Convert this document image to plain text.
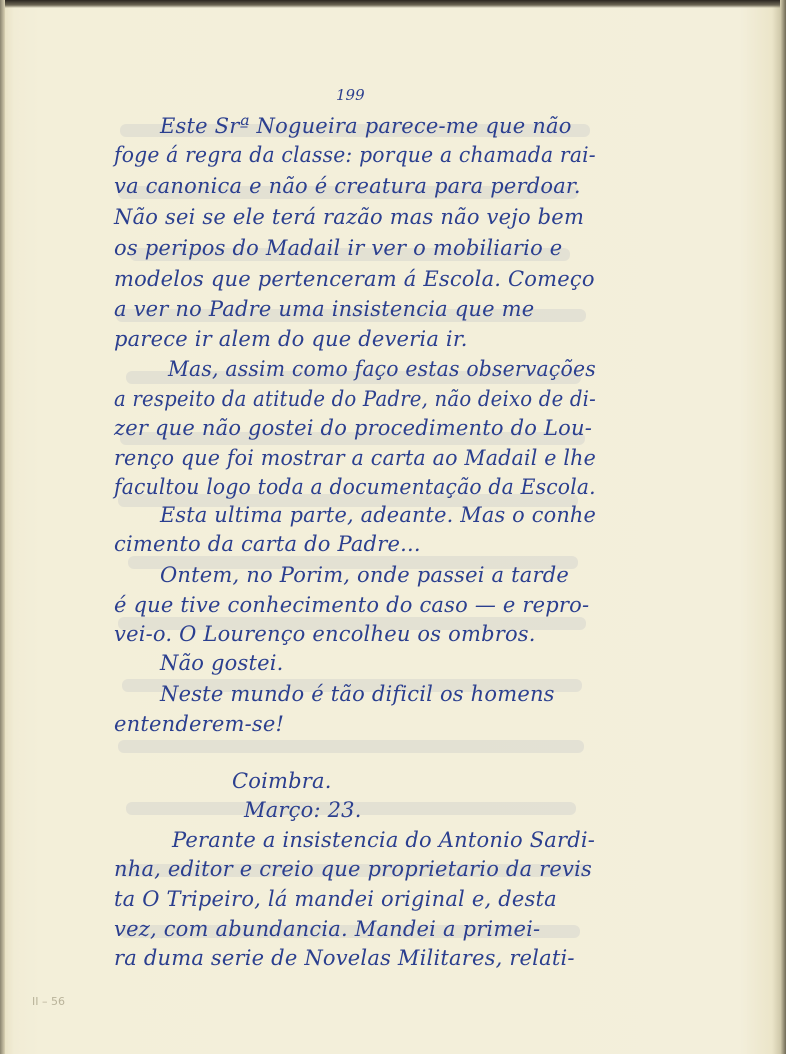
199
Este Srª Nogueira parece-me que não
foge á regra da classe: porque a chamada rai-
va canonica e não é creatura para perdoar.
Não sei se ele terá razão mas não vejo bem
os peripos do Madail ir ver o mobiliario e
modelos que pertenceram á Escola. Começo
a ver no Padre uma insistencia que me
parece ir alem do que deveria ir.
Mas, assim como faço estas observações
a respeito da atitude do Padre, não deixo de di-
zer que não gostei do procedimento do Lou-
renço que foi mostrar a carta ao Madail e lhe
facultou logo toda a documentação da Escola.
Esta ultima parte, adeante. Mas o conhe
cimento da carta do Padre...
Ontem, no Porim, onde passei a tarde
é que tive conhecimento do caso — e repro-
vei-o. O Lourenço encolheu os ombros.
Não gostei.
Neste mundo é tão dificil os homens
entenderem-se!
Coimbra.
Março: 23.
Perante a insistencia do Antonio Sardi-
nha, editor e creio que proprietario da revis
ta O Tripeiro, lá mandei original e, desta
vez, com abundancia. Mandei a primei-
ra duma serie de Novelas Militares, relati-
II – 56
